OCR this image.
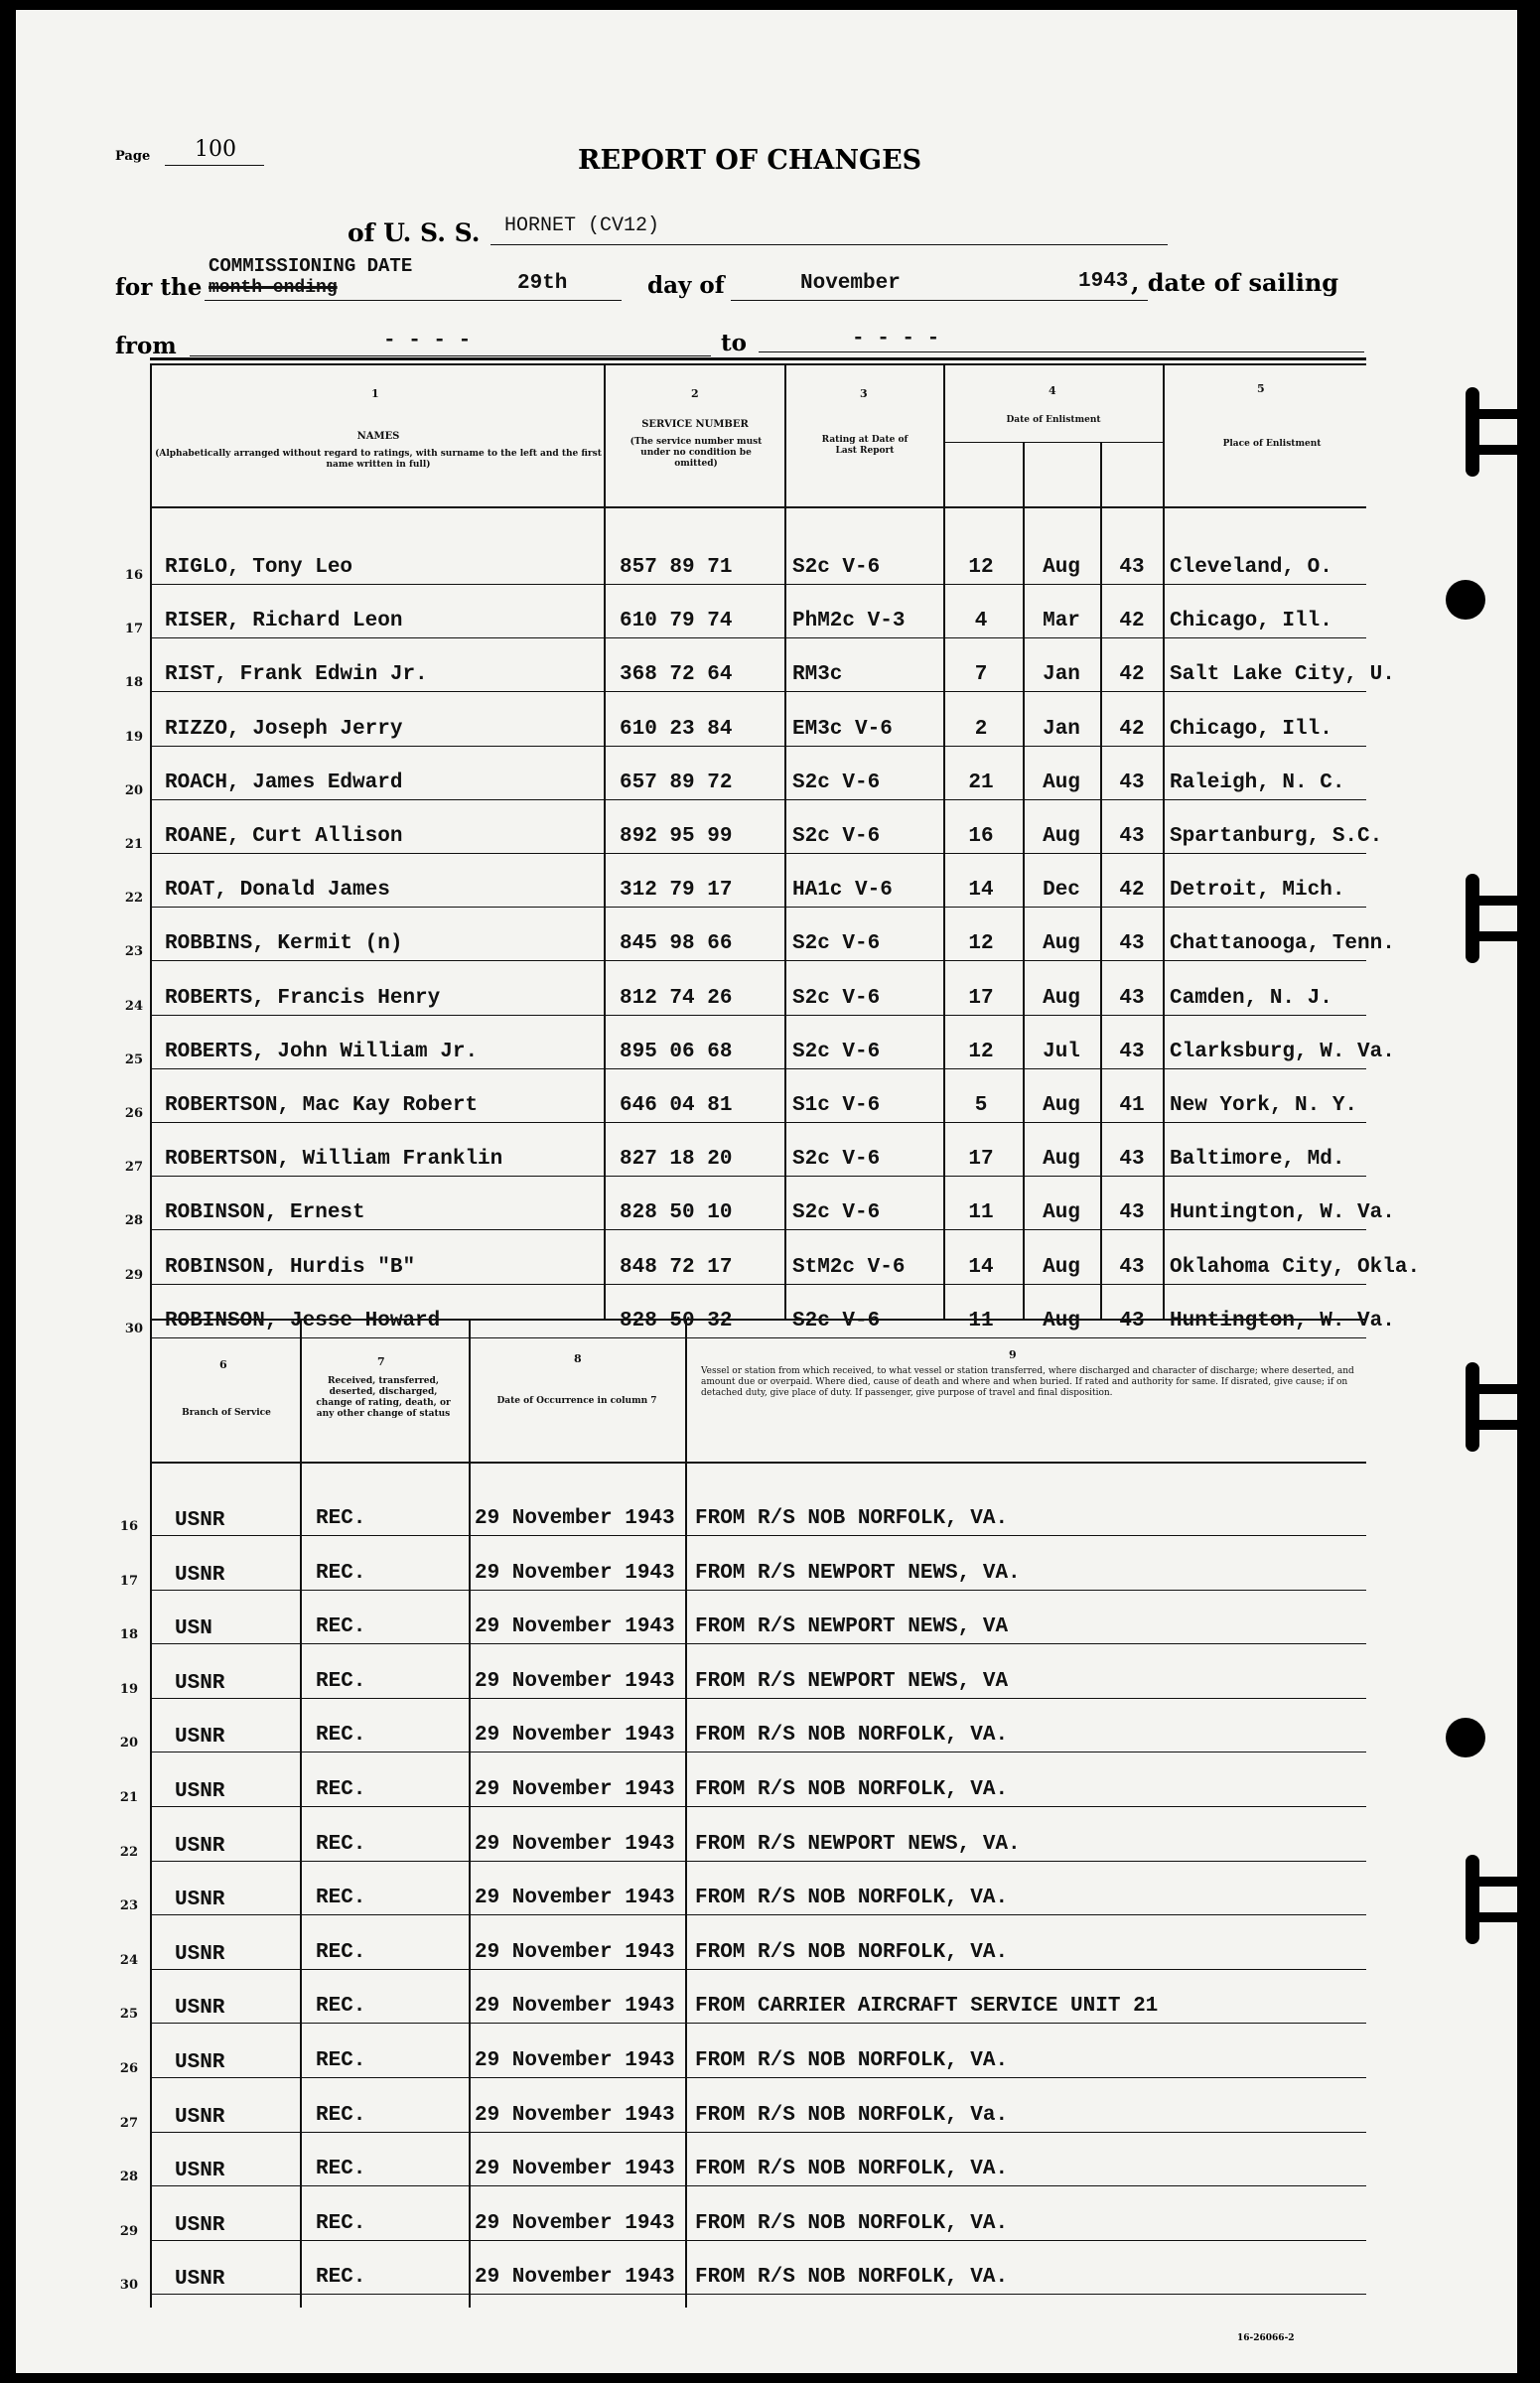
Page 100	REPORT OF CHANGES
of U. S. S. HORNET (CV12)
for the
COMMISSIONING DATE
month ending	29th	day of	November	1943 , date of sailing
from	- - - -	to	- - - -
1
NAMES
(Alphabetically arranged without regard to ratings, with surname to the left and the first name written in full)
2
SERVICE NUMBER
(The service number must under no condition be omitted)
3
Rating at Date of Last Report
4
Date of Enlistment
5
Place of Enlistment
16 RIGLO, Tony Leo	857 89 71	S2c V-6	12	Aug	43	Cleveland, O.
17 RISER, Richard Leon	610 79 74	PhM2c V-3	4	Mar	42	Chicago, Ill.
18 RIST, Frank Edwin Jr.	368 72 64	RM3c	7	Jan	42	Salt Lake City, U.
19 RIZZO, Joseph Jerry	610 23 84	EM3c V-6	2	Jan	42	Chicago, Ill.
20 ROACH, James Edward	657 89 72	S2c V-6	21	Aug	43	Raleigh, N. C.
21 ROANE, Curt Allison	892 95 99	S2c V-6	16	Aug	43	Spartanburg, S.C.
22 ROAT, Donald James	312 79 17	HA1c V-6	14	Dec	42	Detroit, Mich.
23 ROBBINS, Kermit (n)	845 98 66	S2c V-6	12	Aug	43	Chattanooga, Tenn.
24 ROBERTS, Francis Henry	812 74 26	S2c V-6	17	Aug	43	Camden, N. J.
25 ROBERTS, John William Jr.	895 06 68	S2c V-6	12	Jul	43	Clarksburg, W. Va.
26 ROBERTSON, Mac Kay Robert	646 04 81	S1c V-6	5	Aug	41	New York, N. Y.
27 ROBERTSON, William Franklin	827 18 20	S2c V-6	17	Aug	43	Baltimore, Md.
28 ROBINSON, Ernest	828 50 10	S2c V-6	11	Aug	43	Huntington, W. Va.
29 ROBINSON, Hurdis "B"	848 72 17	StM2c V-6	14	Aug	43	Oklahoma City, Okla.
30 ROBINSON, Jesse Howard	828 50 32	S2c V-6	11	Aug	43	Huntington, W. Va.
6
Branch of Service
7
Received, transferred, deserted, discharged, change of rating, death, or any other change of status
8
Date of Occurrence in column 7
9
Vessel or station from which received, to what vessel or station transferred, where discharged and character of discharge; where deserted, and amount due or overpaid. Where died, cause of death and where and when buried. If rated and authority for same. If disrated, give cause; if on detached duty, give place of duty. If passenger, give purpose of travel and final disposition.
16 USNR	REC.	29 November 1943 FROM R/S NOB NORFOLK, VA.
17 USNR	REC.	29 November 1943 FROM R/S NEWPORT NEWS, VA.
18 USN	REC.	29 November 1943 FROM R/S NEWPORT NEWS, VA
19 USNR	REC.	29 November 1943 FROM R/S NEWPORT NEWS, VA
20 USNR	REC.	29 November 1943 FROM R/S NOB NORFOLK, VA.
21 USNR	REC.	29 November 1943 FROM R/S NOB NORFOLK, VA.
22 USNR	REC.	29 November 1943 FROM R/S NEWPORT NEWS, VA.
23 USNR	REC.	29 November 1943 FROM R/S NOB NORFOLK, VA.
24 USNR	REC.	29 November 1943 FROM R/S NOB NORFOLK, VA.
25 USNR	REC.	29 November 1943 FROM CARRIER AIRCRAFT SERVICE UNIT 21
26 USNR	REC.	29 November 1943 FROM R/S NOB NORFOLK, VA.
27 USNR	REC.	29 November 1943 FROM R/S NOB NORFOLK, Va.
28 USNR	REC.	29 November 1943 FROM R/S NOB NORFOLK, VA.
29 USNR	REC.	29 November 1943 FROM R/S NOB NORFOLK, VA.
30 USNR	REC.	29 November 1943 FROM R/S NOB NORFOLK, VA.
16-26066-2
